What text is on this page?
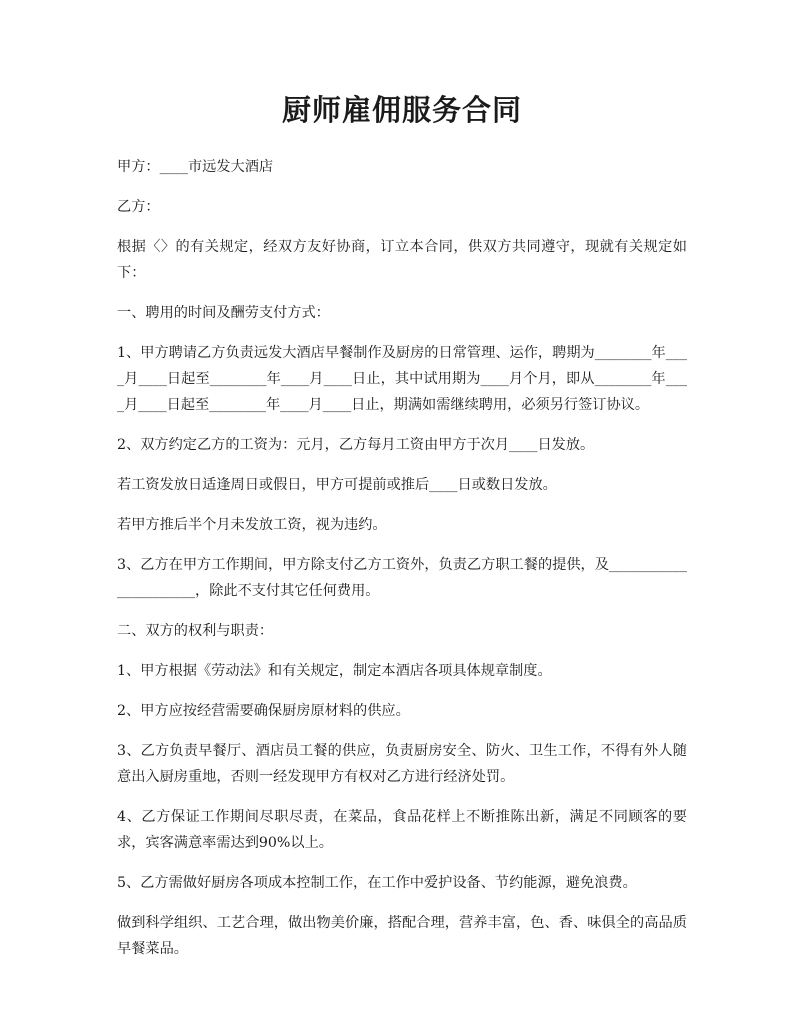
厨师雇佣服务合同

甲方：____市远发大酒店

乙方：

根据〈〉的有关规定，经双方友好协商，订立本合同，供双方共同遵守，现就有关规定如下：

一、聘用的时间及酬劳支付方式：

1、甲方聘请乙方负责远发大酒店早餐制作及厨房的日常管理、运作，聘期为________年____月____日起至________年____月____日止，其中试用期为____月个月，即从________年____月____日起至________年____月____日止，期满如需继续聘用，必须另行签订协议。

2、双方约定乙方的工资为：元月，乙方每月工资由甲方于次月____日发放。

若工资发放日适逢周日或假日，甲方可提前或推后____日或数日发放。

若甲方推后半个月未发放工资，视为违约。

3、乙方在甲方工作期间，甲方除支付乙方工资外，负责乙方职工餐的提供，及______________________，除此不支付其它任何费用。

二、双方的权利与职责：

1、甲方根据《劳动法》和有关规定，制定本酒店各项具体规章制度。

2、甲方应按经营需要确保厨房原材料的供应。

3、乙方负责早餐厅、酒店员工餐的供应，负责厨房安全、防火、卫生工作，不得有外人随意出入厨房重地，否则一经发现甲方有权对乙方进行经济处罚。

4、乙方保证工作期间尽职尽责，在菜品，食品花样上不断推陈出新，满足不同顾客的要求，宾客满意率需达到90%以上。

5、乙方需做好厨房各项成本控制工作，在工作中爱护设备、节约能源，避免浪费。

做到科学组织、工艺合理，做出物美价廉，搭配合理，营养丰富，色、香、味俱全的高品质早餐菜品。
